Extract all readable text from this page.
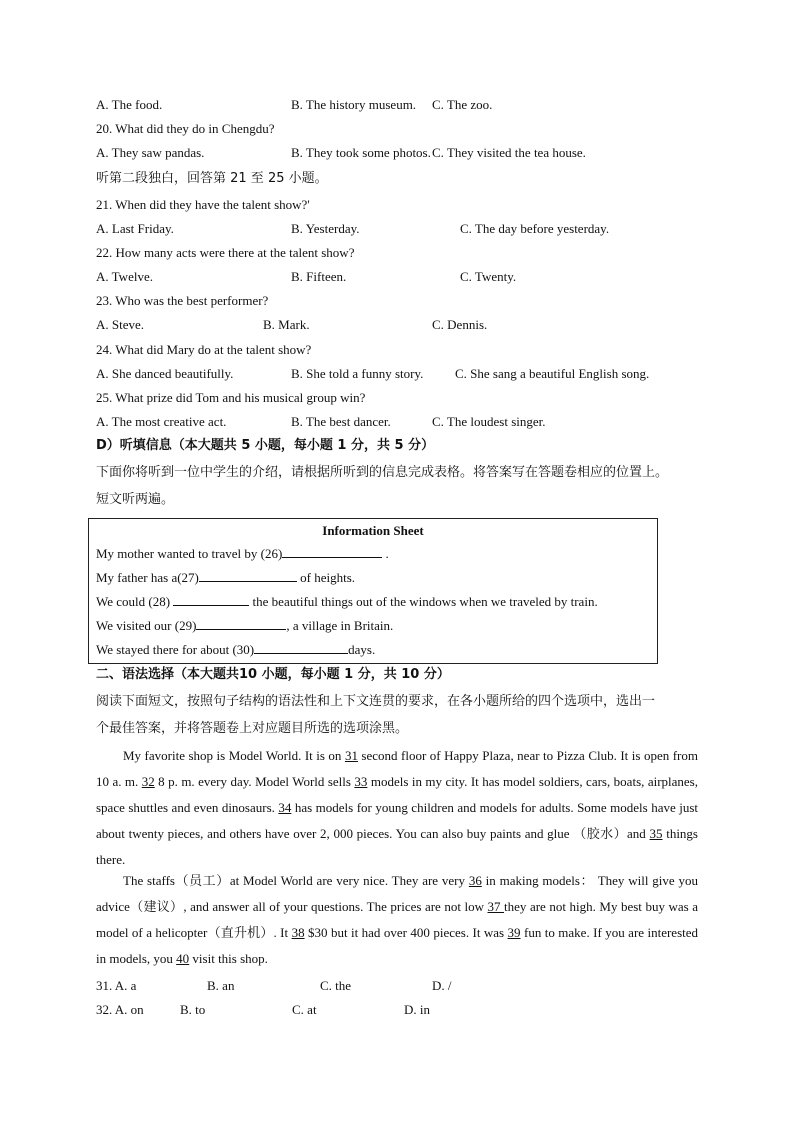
A. The food.	B. The history museum. C. The zoo.
20. What did they do in Chengdu?
A. They saw pandas.	B. They took some photos. C. They visited the tea house.
听第二段独白，回答第 21 至 25 小题。
21. When did they have the talent show?'
A. Last Friday.	B. Yesterday.	C. The day before yesterday.
22. How many acts were there at the talent show?
A. Twelve.	B. Fifteen.	C. Twenty.
23. Who was the best performer?
A. Steve.	B. Mark.	C. Dennis.
24. What did Mary do at the talent show?
A. She danced beautifully.	B. She told a funny story. C. She sang a beautiful English song.
25. What prize did Tom and his musical group win?
A. The most creative act.	B. The best dancer.	C. The loudest singer.
D）听填信息（本大题共 5 小题，每小题 1 分，共 5 分）
下面你将听到一位中学生的介绍，请根据所听到的信息完成表格。将答案写在答题卷相应的位置上。
短文听两遍。
Information Sheet
My mother wanted to travel by (26)	.
My father has a(27)	of heights.
We could (28)	the beautiful things out of the windows when we traveled by train.
We visited our (29)	, a village in Britain.
We stayed there for about (30)	days.
二、语法选择（本大题共10 小题，每小题 1 分，共 10 分）
阅读下面短文，按照句子结构的语法性和上下文连贯的要求，在各小题所给的四个选项中，选出一
个最佳答案，并将答题卷上对应题目所选的选项涂黑。
My favorite shop is Model World. It is on 31 second floor of Happy Plaza, near to Pizza Club. It is open from 10 a. m. 32 8 p. m. every day. Model World sells 33 models in my city. It has model soldiers, cars, boats, airplanes, space shuttles and even dinosaurs. 34 has models for young children and models for adults. Some models have just about twenty pieces, and others have over 2, 000 pieces. You can also buy paints and glue （胶水）and 35 things there.
The staffs（员工）at Model World are very nice. They are very 36 in making models： They will give you advice（建议）, and answer all of your questions. The prices are not low 37 they are not high. My best buy was a model of a helicopter（直升机）. It 38 $30 but it had over 400 pieces. It was 39 fun to make. If you are interested in models, you 40 visit this shop.
31. A. a	B. an	C. the	D. /
32. A. on	B. to	C. at	D. in
